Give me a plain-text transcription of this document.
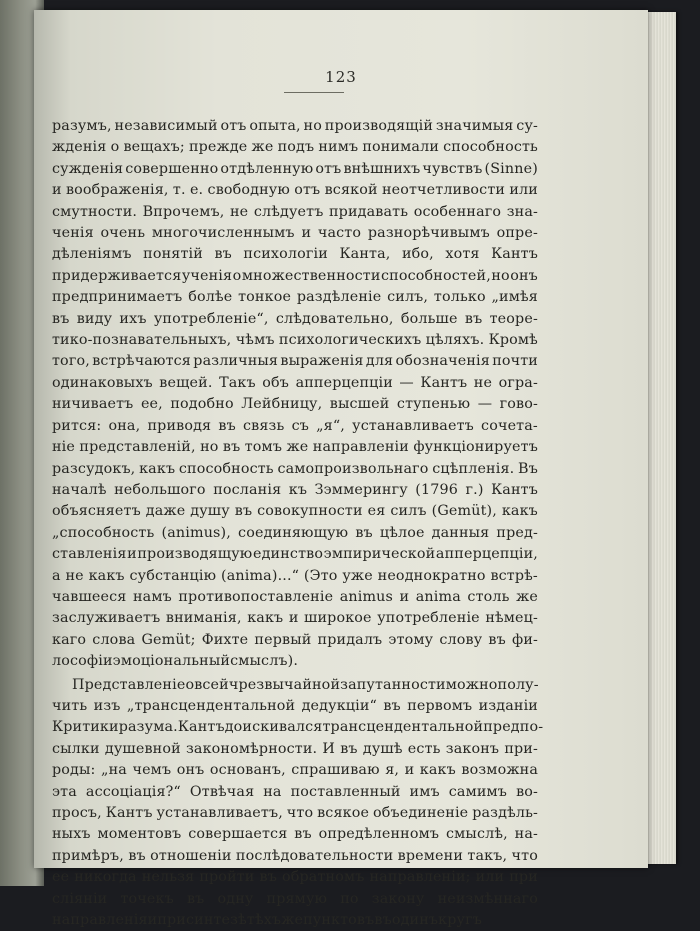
123
разумъ, независимый отъ опыта, но производящій значимыя су-
жденія о вещахъ; прежде же подъ нимъ понимали способность
сужденія совершенно отдѣленную отъ внѣшнихъ чувствъ (Sinne)
и воображенія, т. е. свободную отъ всякой неотчетливости или
смутности. Впрочемъ, не слѣдуетъ придавать особеннаго зна-
ченія очень многочисленнымъ и часто разнорѣчивымъ опре-
дѣленіямъ понятій въ психологіи Канта, ибо, хотя Кантъ
придерживается ученія о множественности способностей, но онъ
предпринимаетъ болѣе тонкое раздѣленіе силъ, только „имѣя
въ виду ихъ употребленіе“, слѣдовательно, больше въ теоре-
тико-познавательныхъ, чѣмъ психологическихъ цѣляхъ. Кромѣ
того, встрѣчаются различныя выраженія для обозначенія почти
одинаковыхъ вещей. Такъ объ апперцепціи — Кантъ не огра-
ничиваетъ ее, подобно Лейбницу, высшей ступенью — гово-
рится: она, приводя въ связь съ „я“, устанавливаетъ сочета-
ніе представленій, но въ томъ же направленіи функціонируетъ
разсудокъ, какъ способность самопроизвольнаго сцѣпленія. Въ
началѣ небольшого посланія къ Зэммерингу (1796 г.) Кантъ
объясняетъ даже душу въ совокупности ея силъ (Gemüt), какъ
„способность (animus), соединяющую въ цѣлое данныя пред-
ставленія и производящую единство эмпирической апперцепціи,
а не какъ субстанцію (anima)...“ (Это уже неоднократно встрѣ-
чавшееся намъ противопоставленіе animus и anima столь же
заслуживаетъ вниманія, какъ и широкое употребленіе нѣмец-
каго слова Gemüt; Фихте первый придалъ этому слову въ фи-
лософіи эмоціональный смыслъ).
Представленіе о всей чрезвычайной запутанности можно полу-
чить изъ „трансцендентальной дедукціи“ въ первомъ изданіи
Критики разума. Кантъ доискивался трансцендентальной предпо-
сылки душевной закономѣрности. И въ душѣ есть законъ при-
роды: „на чемъ онъ основанъ, спрашиваю я, и какъ возможна
эта ассоціація?“ Отвѣчая на поставленный имъ самимъ во-
просъ, Кантъ устанавливаетъ, что всякое объединеніе раздѣль-
ныхъ моментовъ совершается въ опредѣленномъ смыслѣ, на-
примѣръ, въ отношеніи послѣдовательности времени такъ, что
ее никогда нельзя пройти въ обратномъ направленіи; или при
сліяніи точекъ въ одну прямую по закону неизмѣннаго
направленія и при синтезѣ тѣхъ же пунктовъ въ одинъ кругъ
